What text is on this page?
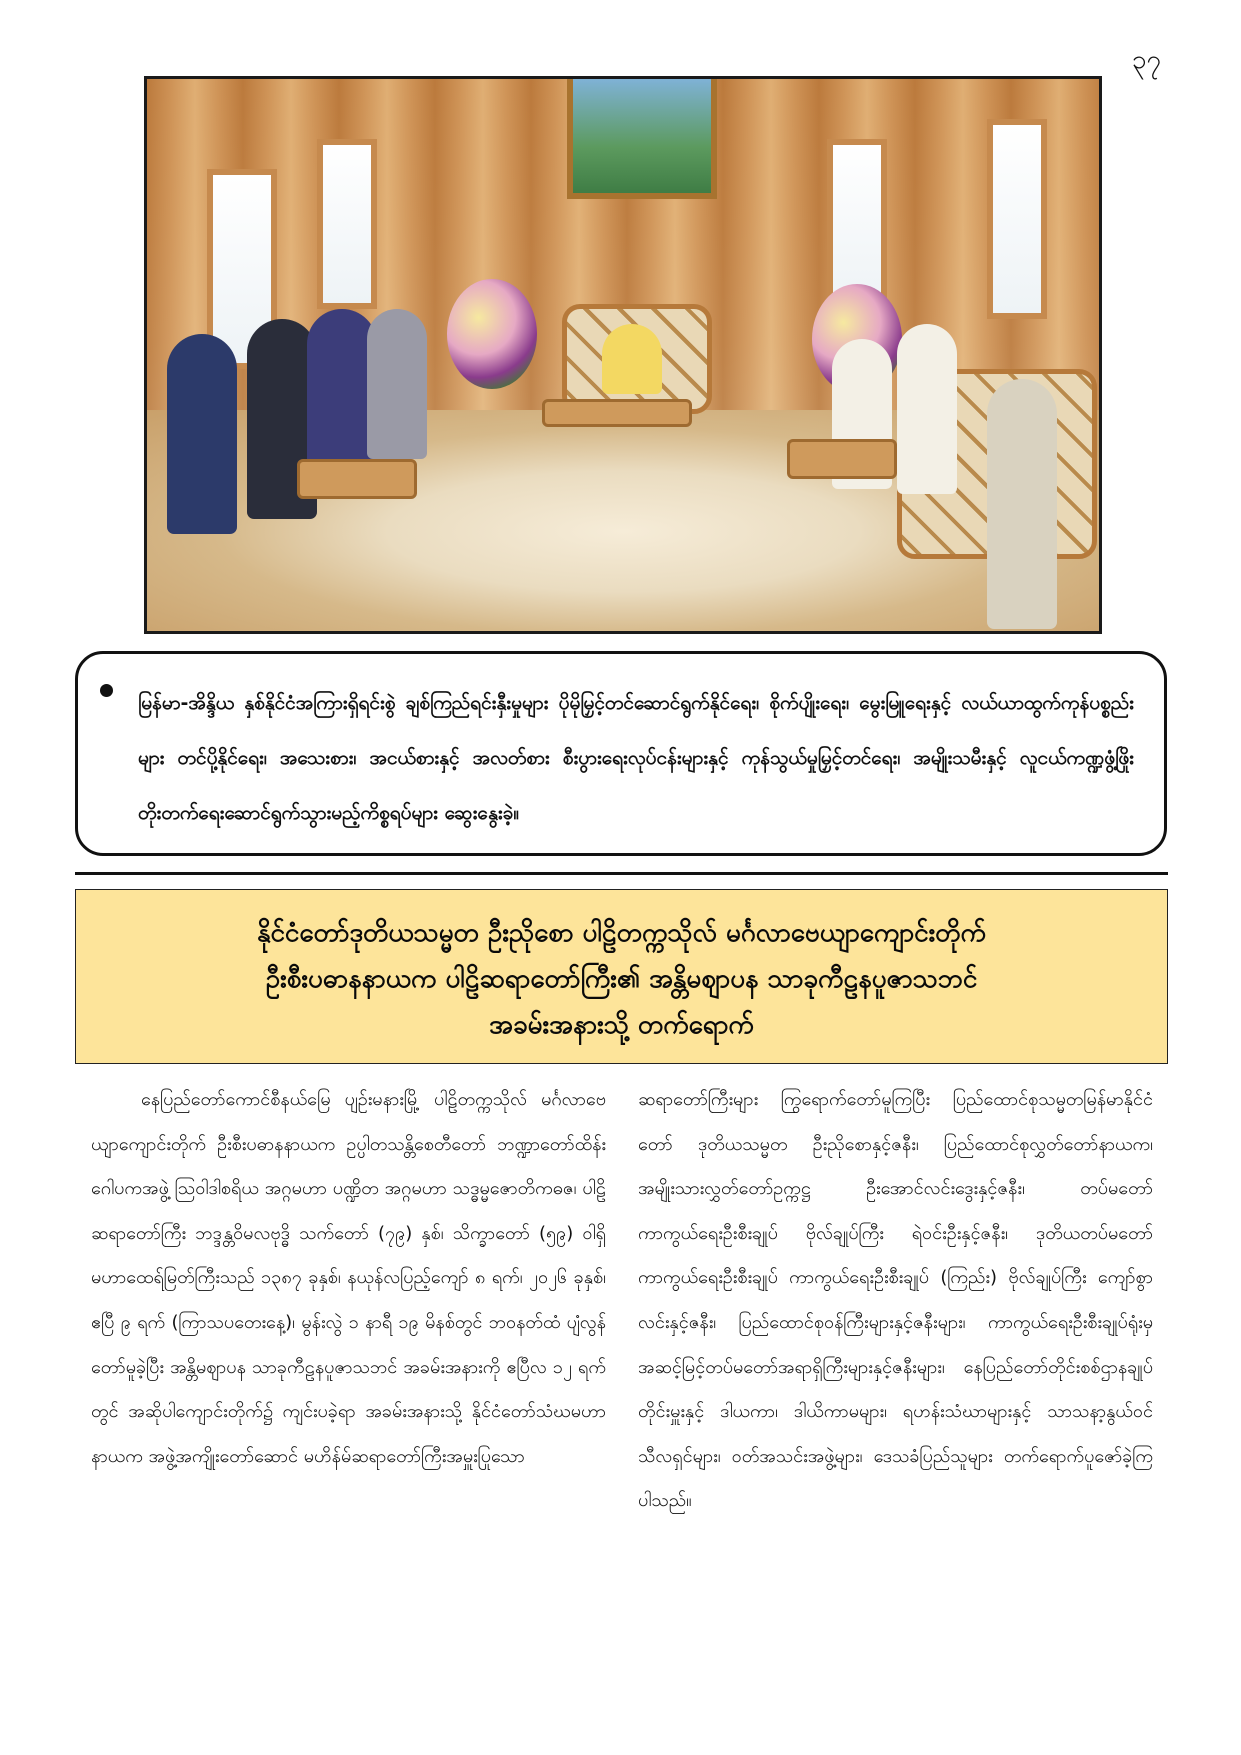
၃၇

မြန်မာ-အိန္ဒိယ နှစ်နိုင်ငံအကြားရှိရင်းစွဲ ချစ်ကြည်ရင်းနှီးမှုများ ပိုမိုမြှင့်တင်ဆောင်ရွက်နိုင်ရေး၊ စိုက်ပျိုးရေး၊ မွေးမြူရေးနှင့် လယ်ယာထွက်ကုန်ပစ္စည်းများ တင်ပို့နိုင်ရေး၊ အသေးစား၊ အငယ်စားနှင့် အလတ်စား စီးပွားရေးလုပ်ငန်းများနှင့် ကုန်သွယ်မှုမြှင့်တင်ရေး၊ အမျိုးသမီးနှင့် လူငယ်ကဏ္ဍဖွံ့ဖြိုးတိုးတက်ရေးဆောင်ရွက်သွားမည့်ကိစ္စရပ်များ ဆွေးနွေးခဲ့။

နိုင်ငံတော်ဒုတိယသမ္မတ ဦးညိုစော ပါဠိတက္ကသိုလ် မင်္ဂလာဗေယျာကျောင်းတိုက်
ဦးစီးပဓာနနာယက ပါဠိဆရာတော်ကြီး၏ အန္တိမဈာပန သာခုကီဠနပူဇာသဘင်
အခမ်းအနားသို့ တက်ရောက်

နေပြည်တော်ကောင်စီနယ်မြေ ပျဉ်းမနားမြို့ ပါဠိတက္ကသိုလ် မင်္ဂလာဗေယျာကျောင်းတိုက် ဦးစီးပဓာနနာယက ဥပ္ပါတသန္တိစေတီတော် ဘဏ္ဍာတော်ထိန်းဂေါပကအဖွဲ့ ဩဝါဒါစရိယ အဂ္ဂမဟာ ပဏ္ဍိတ အဂ္ဂမဟာ သဒ္ဓမ္မဇောတိကဓဇ၊ ပါဠိဆရာတော်ကြီး ဘဒ္ဒန္တဝိမလဗုဒ္ဓိ သက်တော် (၇၉) နှစ်၊ သိက္ခာတော် (၅၉) ဝါရှိ မဟာထေရ်မြတ်ကြီးသည် ၁၃၈၇ ခုနှစ်၊ နယုန်လပြည့်ကျော် ၈ ရက်၊ ၂၀၂၆ ခုနှစ်၊ ဧပြီ ၉ ရက် (ကြာသပတေးနေ့)၊ မွန်းလွဲ ၁ နာရီ ၁၉ မိနစ်တွင် ဘဝနတ်ထံ ပျံလွန်တော်မူခဲ့ပြီး အန္တိမဈာပန သာခုကီဠနပူဇာသဘင် အခမ်းအနားကို ဧပြီလ ၁၂ ရက်တွင် အဆိုပါကျောင်းတိုက်၌ ကျင်းပခဲ့ရာ အခမ်းအနားသို့ နိုင်ငံတော်သံဃမဟာနာယက အဖွဲ့အကျိုးတော်ဆောင် မဟိန်မ်ဆရာတော်ကြီးအမှူးပြုသော

ဆရာတော်ကြီးများ ကြွရောက်တော်မူကြပြီး ပြည်ထောင်စုသမ္မတမြန်မာနိုင်ငံတော် ဒုတိယသမ္မတ ဦးညိုစောနှင့်ဇနီး၊ ပြည်ထောင်စုလွှတ်တော်နာယက၊ အမျိုးသားလွှတ်တော်ဥက္ကဋ္ဌ ဦးအောင်လင်းဒွေးနှင့်ဇနီး၊ တပ်မတော်ကာကွယ်ရေးဦးစီးချုပ် ဗိုလ်ချုပ်ကြီး ရဲဝင်းဦးနှင့်ဇနီး၊ ဒုတိယတပ်မတော်ကာကွယ်ရေးဦးစီးချုပ် ကာကွယ်ရေးဦးစီးချုပ် (ကြည်း) ဗိုလ်ချုပ်ကြီး ကျော်စွာလင်းနှင့်ဇနီး၊ ပြည်ထောင်စုဝန်ကြီးများနှင့်ဇနီးများ၊ ကာကွယ်ရေးဦးစီးချုပ်ရုံးမှ အဆင့်မြင့်တပ်မတော်အရာရှိကြီးများနှင့်ဇနီးများ၊ နေပြည်တော်တိုင်းစစ်ဌာနချုပ်တိုင်းမှူးနှင့် ဒါယကာ၊ ဒါယိကာမများ၊ ရဟန်းသံဃာများနှင့် သာသနာ့နွယ်ဝင်သီလရှင်များ၊ ဝတ်အသင်းအဖွဲ့များ၊ ဒေသခံပြည်သူများ တက်ရောက်ပူဇော်ခဲ့ကြပါသည်။
